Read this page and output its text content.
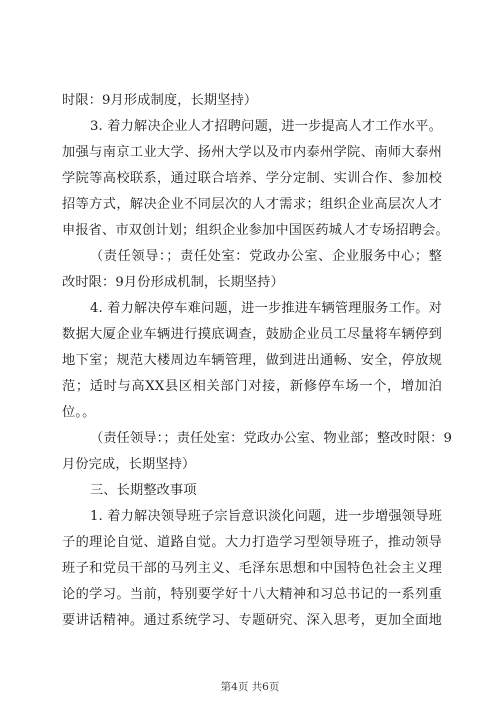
时限：9月形成制度，长期坚持）
3. 着力解决企业人才招聘问题，进一步提高人才工作水平。
加强与南京工业大学、扬州大学以及市内泰州学院、南师大泰州
学院等高校联系，通过联合培养、学分定制、实训合作、参加校
招等方式，解决企业不同层次的人才需求；组织企业高层次人才
申报省、市双创计划；组织企业参加中国医药城人才专场招聘会。
（责任领导：；责任处室：党政办公室、企业服务中心；整
改时限：9月份形成机制，长期坚持）
4. 着力解决停车难问题，进一步推进车辆管理服务工作。对
数据大厦企业车辆进行摸底调查，鼓励企业员工尽量将车辆停到
地下室；规范大楼周边车辆管理，做到进出通畅、安全，停放规
范；适时与高XX县区相关部门对接，新修停车场一个，增加泊
位。。
（责任领导：；责任处室：党政办公室、物业部；整改时限：9
月份完成，长期坚持）
三、长期整改事项
1. 着力解决领导班子宗旨意识淡化问题，进一步增强领导班
子的理论自觉、道路自觉。大力打造学习型领导班子，推动领导
班子和党员干部的马列主义、毛泽东思想和中国特色社会主义理
论的学习。当前，特别要学好十八大精神和习总书记的一系列重
要讲话精神。通过系统学习、专题研究、深入思考，更加全面地
第4页 共6页
